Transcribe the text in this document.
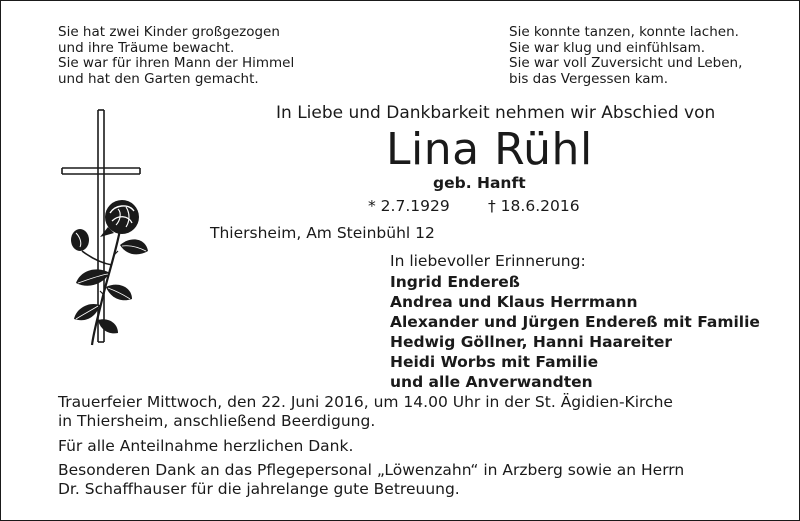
Sie hat zwei Kinder großgezogen
und ihre Träume bewacht.
Sie war für ihren Mann der Himmel
und hat den Garten gemacht.
Sie konnte tanzen, konnte lachen.
Sie war klug und einfühlsam.
Sie war voll Zuversicht und Leben,
bis das Vergessen kam.
In Liebe und Dankbarkeit nehmen wir Abschied von
Lina Rühl
geb. Hanft
* 2.7.1929 † 18.6.2016
Thiersheim, Am Steinbühl 12
In liebevoller Erinnerung:
Ingrid Endereß
Andrea und Klaus Herrmann
Alexander und Jürgen Endereß mit Familie
Hedwig Göllner, Hanni Haareiter
Heidi Worbs mit Familie
und alle Anverwandten
Trauerfeier Mittwoch, den 22. Juni 2016, um 14.00 Uhr in der St. Ägidien-Kirche
in Thiersheim, anschließend Beerdigung.
Für alle Anteilnahme herzlichen Dank.
Besonderen Dank an das Pflegepersonal „Löwenzahn“ in Arzberg sowie an Herrn
Dr. Schaffhauser für die jahrelange gute Betreuung.
